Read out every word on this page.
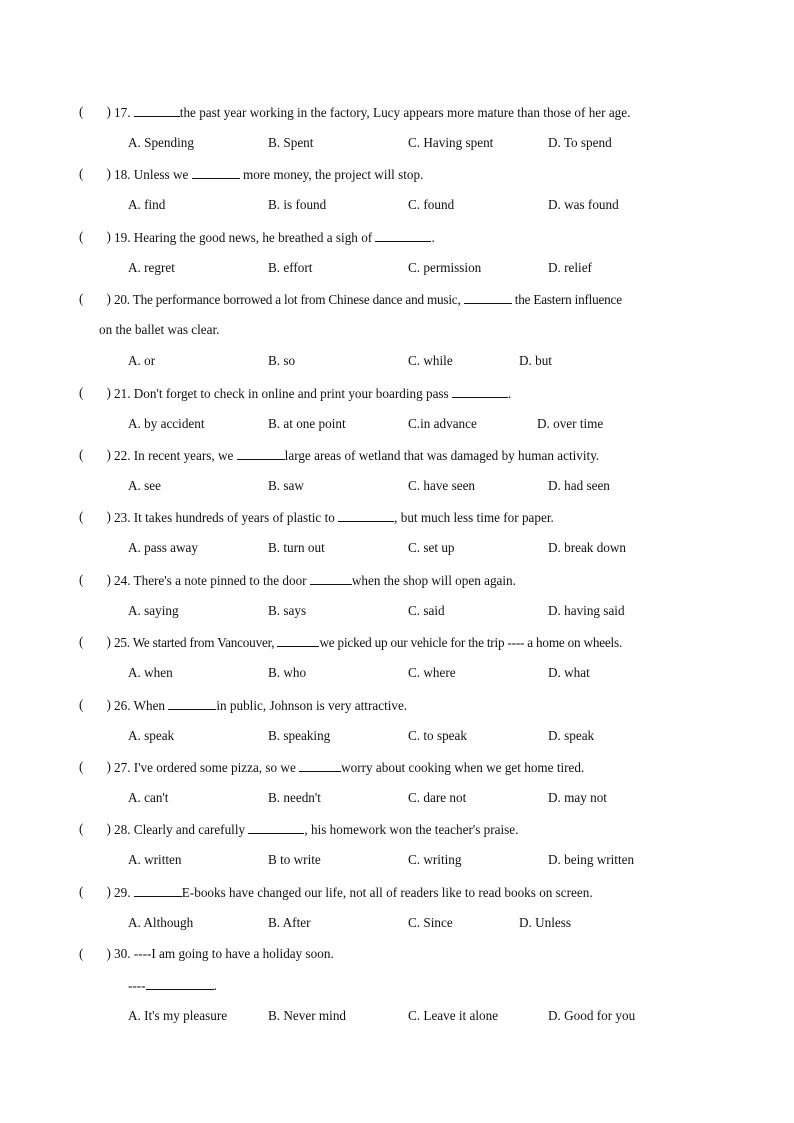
(       ) 17.	the past year working in the factory, Lucy appears more mature than those of her age.
A. Spending	B. Spent	C. Having spent	D. To spend
(       ) 18. Unless we	more money, the project will stop.
A. find	B. is found	C. found	D. was found
(       ) 19. Hearing the good news, he breathed a sigh of	.
A. regret	B. effort	C. permission	D. relief
(       ) 20. The performance borrowed a lot from Chinese dance and music,	the Eastern influence
on the ballet was clear.
A. or	B. so	C. while	D. but
(       ) 21. Don't forget to check in online and print your boarding pass	.
A. by accident	B. at one point	C.in advance	D. over time
(       ) 22. In recent years, we	large areas of wetland that was damaged by human activity.
A. see	B. saw	C. have seen	D. had seen
(       ) 23. It takes hundreds of years of plastic to	, but much less time for paper.
A. pass away	B. turn out	C. set up	D. break down
(       ) 24. There's a note pinned to the door	when the shop will open again.
A. saying	B. says	C. said	D. having said
(       ) 25. We started from Vancouver,	we picked up our vehicle for the trip ---- a home on wheels.
A. when	B. who	C. where	D. what
(       ) 26. When	in public, Johnson is very attractive.
A. speak	B. speaking	C. to speak	D. speak
(       ) 27. I've ordered some pizza, so we	worry about cooking when we get home tired.
A. can't	B. needn't	C. dare not	D. may not
(       ) 28. Clearly and carefully	, his homework won the teacher's praise.
A. written	B to write	C. writing	D. being written
(       ) 29.	E-books have changed our life, not all of readers like to read books on screen.
A. Although	B. After	C. Since	D. Unless
(       ) 30. ----I am going to have a holiday soon.
----	.
A. It's my pleasure	B. Never mind	C. Leave it alone	D. Good for you
